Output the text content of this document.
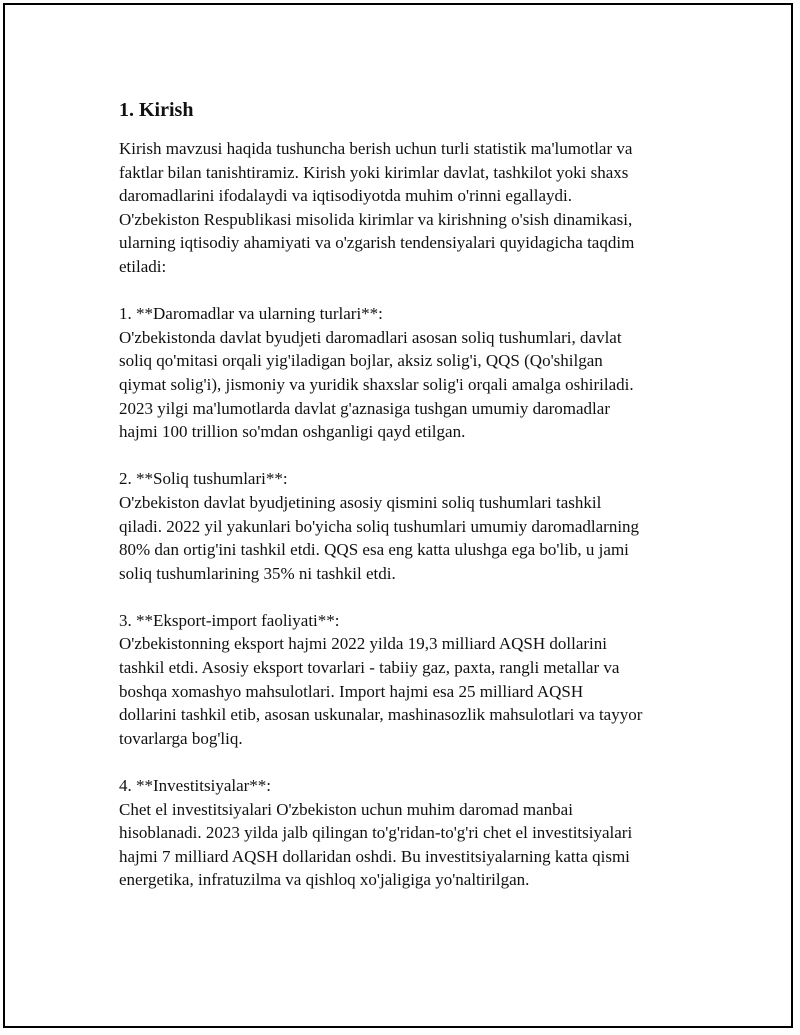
1. Kirish

Kirish mavzusi haqida tushuncha berish uchun turli statistik ma'lumotlar va
faktlar bilan tanishtiramiz. Kirish yoki kirimlar davlat, tashkilot yoki shaxs
daromadlarini ifodalaydi va iqtisodiyotda muhim o'rinni egallaydi.
O'zbekiston Respublikasi misolida kirimlar va kirishning o'sish dinamikasi,
ularning iqtisodiy ahamiyati va o'zgarish tendensiyalari quyidagicha taqdim
etiladi:

1. **Daromadlar va ularning turlari**:

O'zbekistonda davlat byudjeti daromadlari asosan soliq tushumlari, davlat
soliq qo'mitasi orqali yig'iladigan bojlar, aksiz solig'i, QQS (Qo'shilgan
qiymat solig'i), jismoniy va yuridik shaxslar solig'i orqali amalga oshiriladi.
2023 yilgi ma'lumotlarda davlat g'aznasiga tushgan umumiy daromadlar
hajmi 100 trillion so'mdan oshganligi qayd etilgan.

2. **Soliq tushumlari**:

O'zbekiston davlat byudjetining asosiy qismini soliq tushumlari tashkil
qiladi. 2022 yil yakunlari bo'yicha soliq tushumlari umumiy daromadlarning
80% dan ortig'ini tashkil etdi. QQS esa eng katta ulushga ega bo'lib, u jami
soliq tushumlarining 35% ni tashkil etdi.

3. **Eksport-import faoliyati**:

O'zbekistonning eksport hajmi 2022 yilda 19,3 milliard AQSH dollarini
tashkil etdi. Asosiy eksport tovarlari - tabiiy gaz, paxta, rangli metallar va
boshqa xomashyo mahsulotlari. Import hajmi esa 25 milliard AQSH
dollarini tashkil etib, asosan uskunalar, mashinasozlik mahsulotlari va tayyor
tovarlarga bog'liq.

4. **Investitsiyalar**:

Chet el investitsiyalari O'zbekiston uchun muhim daromad manbai
hisoblanadi. 2023 yilda jalb qilingan to'g'ridan-to'g'ri chet el investitsiyalari
hajmi 7 milliard AQSH dollaridan oshdi. Bu investitsiyalarning katta qismi
energetika, infratuzilma va qishloq xo'jaligiga yo'naltirilgan.
